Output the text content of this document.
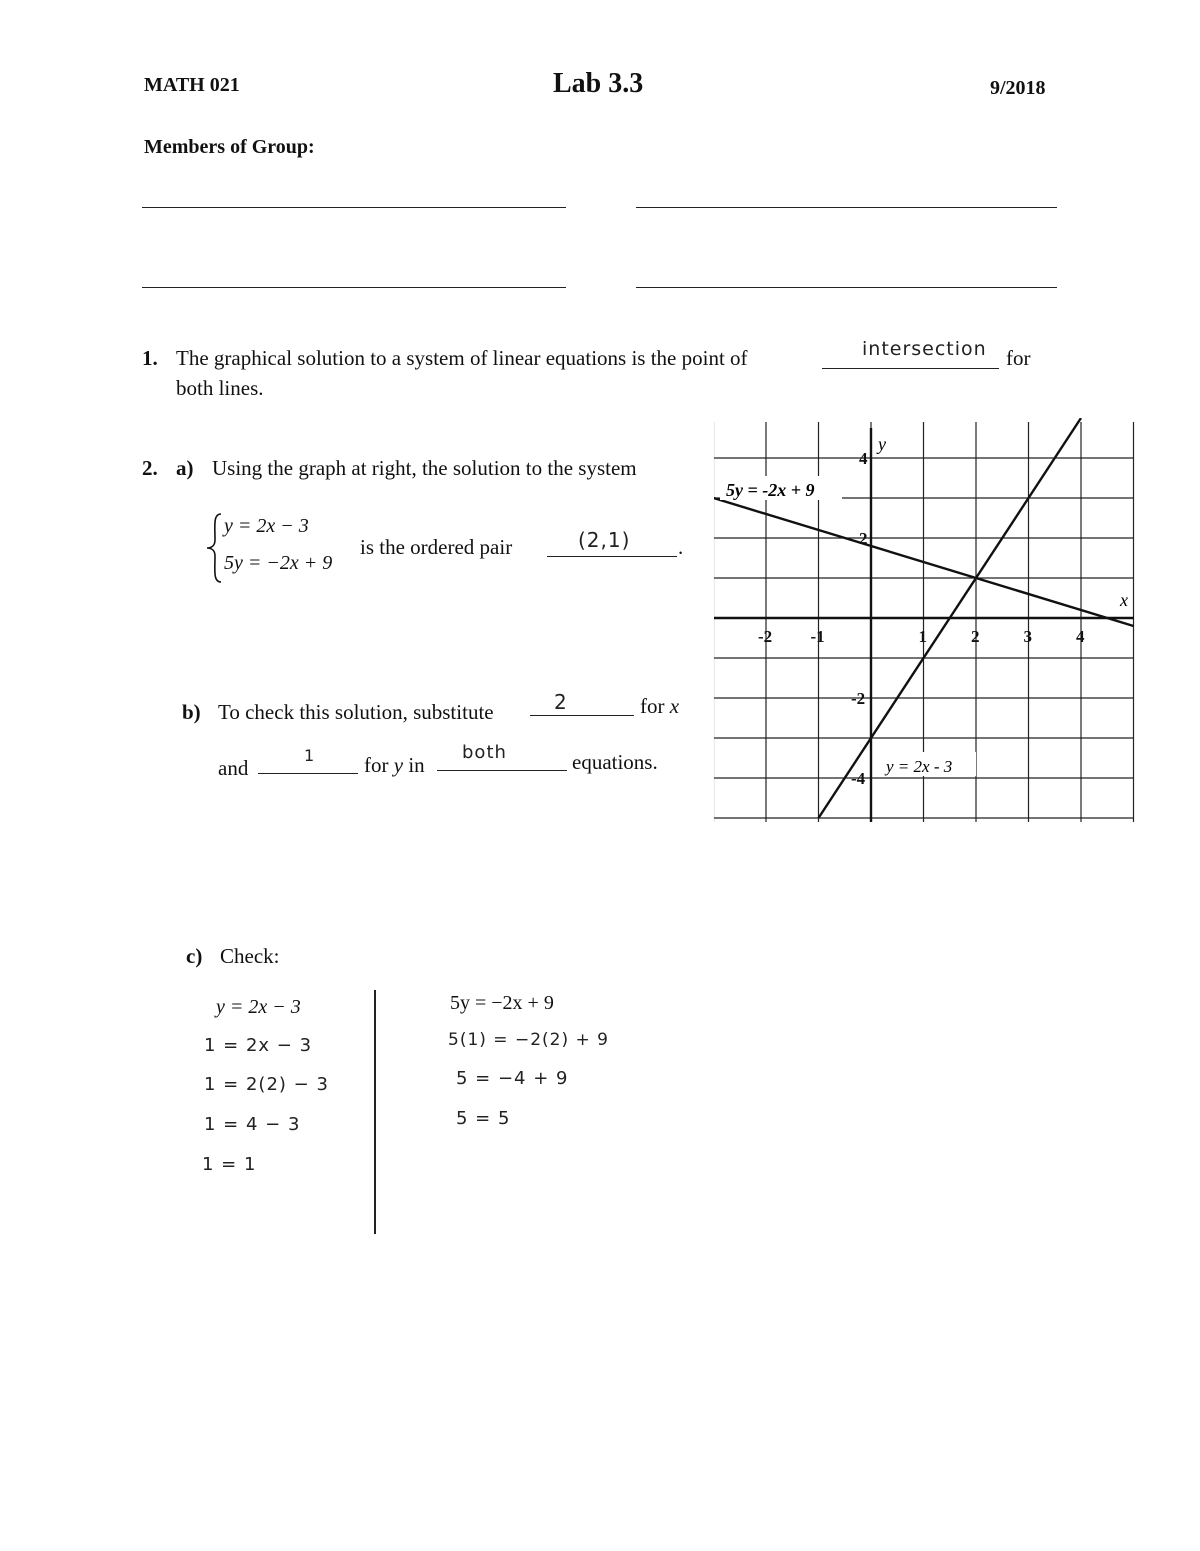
MATH 021	Lab 3.3	9/2018
Members of Group:
1. The graphical solution to a system of linear equations is the point of	intersection for
both lines.
2. a) Using the graph at right, the solution to the system
y = 2x − 3
5y = −2x + 9
is the ordered pair	(2,1) .
b) To check this solution, substitute	2	for x
and
1 for y in
both	equations.
-2 -1	1	2	3	4
4
2
-2
-4
5y = -2x + 9
y = 2x - 3
x
y
c) Check:
y = 2x − 3
1 = 2x − 3
1 = 2(2) − 3
1 = 4 − 3
1 = 1
5y = −2x + 9
5(1) = −2(2) + 9
5 = −4 + 9
5 = 5
